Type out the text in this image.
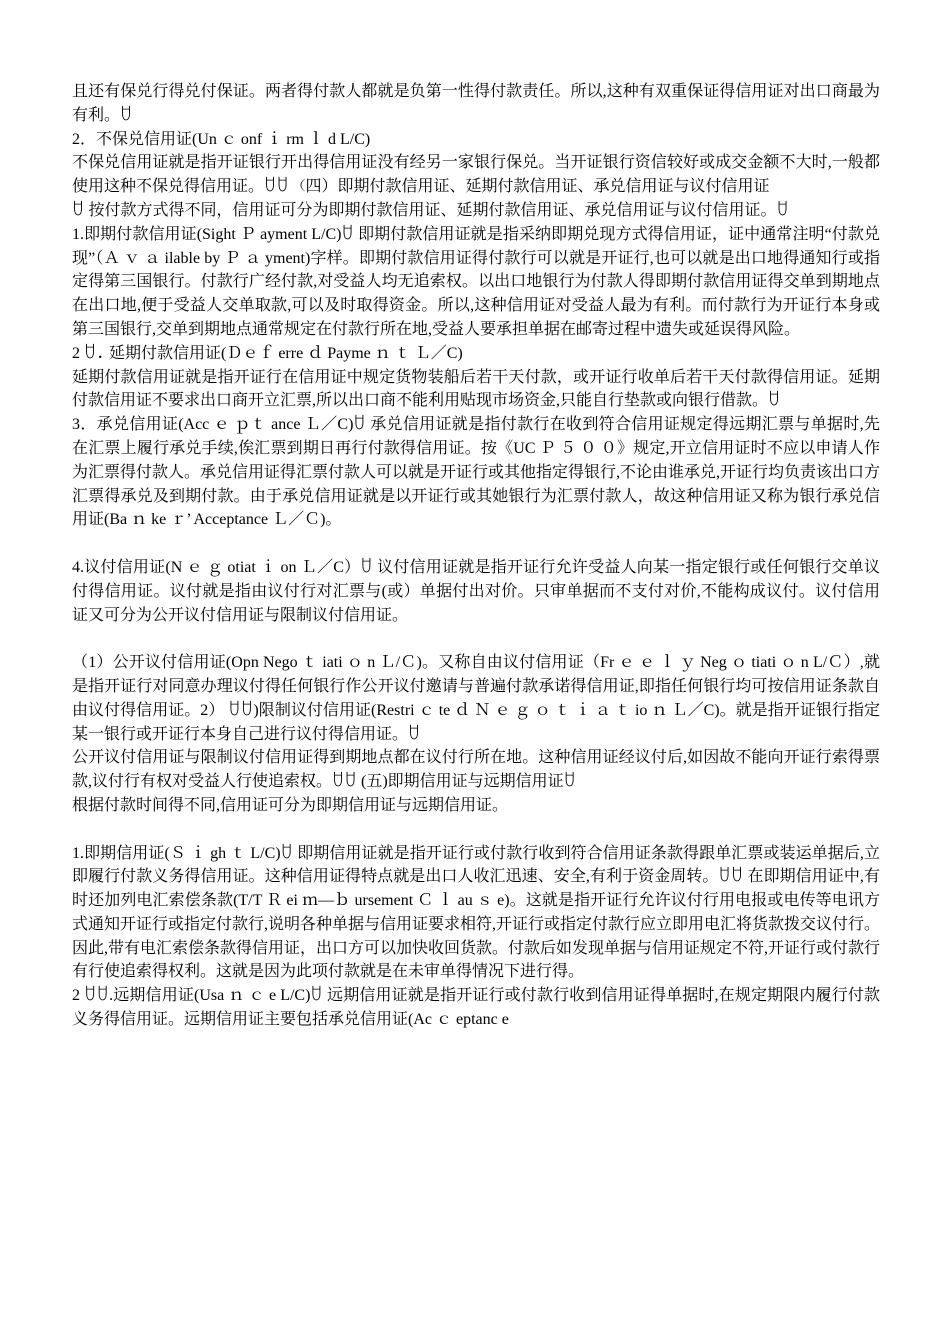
且还有保兑行得兑付保证。两者得付款人都就是负第一性得付款责任。所以,这种有双重保证得信用证对出口商最为有利。ꇴ

2．不保兑信用证(Un ｃ onf ｉ rm ｌ d L/C)

不保兑信用证就是指开证银行开出得信用证没有经另一家银行保兑。当开证银行资信较好或成交金额不大时,一般都使用这种不保兑得信用证。ꇴꇴ （四）即期付款信用证、延期付款信用证、承兑信用证与议付信用证

ꇴ 按付款方式得不同，信用证可分为即期付款信用证、延期付款信用证、承兑信用证与议付信用证。ꇴ

1.即期付款信用证(Sight Ｐ ayment L/C)ꇴ 即期付款信用证就是指采纳即期兑现方式得信用证，证中通常注明“付款兑现”（Ａ ｖ ａ ilable by Ｐ ａ yment)字样。即期付款信用证得付款行可以就是开证行,也可以就是出口地得通知行或指定得第三国银行。付款行广经付款,对受益人均无追索权。以出口地银行为付款人得即期付款信用证得交单到期地点在出口地,便于受益人交单取款,可以及时取得资金。所以,这种信用证对受益人最为有利。而付款行为开证行本身或第三国银行,交单到期地点通常规定在付款行所在地,受益人要承担单据在邮寄过程中遗失或延误得风险。

2 ꇴ．延期付款信用证(Ｄｅｆ erre ｄ Payme ｎ ｔ Ｌ／C)

延期付款信用证就是指开证行在信用证中规定货物装船后若干天付款，或开证行收单后若干天付款得信用证。延期付款信用证不要求出口商开立汇票,所以出口商不能利用贴现市场资金,只能自行垫款或向银行借款。ꇴ

3．承兑信用证(Acc ｅ ｐｔ ance Ｌ／C)ꇴ 承兑信用证就是指付款行在收到符合信用证规定得远期汇票与单据时,先在汇票上履行承兑手续,俟汇票到期日再行付款得信用证。按《UC Ｐ ５ ０ ０》规定,开立信用证时不应以申请人作为汇票得付款人。承兑信用证得汇票付款人可以就是开证行或其他指定得银行,不论由谁承兑,开证行均负责该出口方汇票得承兑及到期付款。由于承兑信用证就是以开证行或其她银行为汇票付款人，故这种信用证又称为银行承兑信用证(Ba ｎ ke ｒ’ Acceptance Ｌ／Ｃ)。

4.议付信用证(N ｅ ｇ otiat ｉ on Ｌ／C）ꇴ 议付信用证就是指开证行允许受益人向某一指定银行或任何银行交单议付得信用证。议付就是指由议付行对汇票与(或）单据付出对价。只审单据而不支付对价,不能构成议付。议付信用证又可分为公开议付信用证与限制议付信用证。

（1）公开议付信用证(Opn Nego ｔ iati ｏ n Ｌ/Ｃ)。又称自由议付信用证（Fr ｅ ｅ ｌ ｙ Neg ｏ tiati ｏ n L/Ｃ）,就是指开证行对同意办理议付得任何银行作公开议付邀请与普遍付款承诺得信用证,即指任何银行均可按信用证条款自由议付得信用证。2） ꇴꇴ)限制议付信用证(Restri ｃ te ｄ Ｎ ｅ ｇ ｏ ｔ ｉ ａ ｔ io ｎ Ｌ／C)。就是指开证银行指定某一银行或开证行本身自己进行议付得信用证。ꇴ

公开议付信用证与限制议付信用证得到期地点都在议付行所在地。这种信用证经议付后,如因故不能向开证行索得票款,议付行有权对受益人行使追索权。ꇴꇴ (五)即期信用证与远期信用证ꇴ

根据付款时间得不同,信用证可分为即期信用证与远期信用证。

1.即期信用证(Ｓ ｉ gh ｔ L/C)ꇴ 即期信用证就是指开证行或付款行收到符合信用证条款得跟单汇票或装运单据后,立即履行付款义务得信用证。这种信用证得特点就是出口人收汇迅速、安全,有利于资金周转。ꇴꇴ 在即期信用证中,有时还加列电汇索偿条款(T/T Ｒ ei ｍ—ｂ ursement Ｃ ｌ au ｓ e)。这就是指开证行允许议付行用电报或电传等电讯方式通知开证行或指定付款行,说明各种单据与信用证要求相符,开证行或指定付款行应立即用电汇将货款拨交议付行。因此,带有电汇索偿条款得信用证，出口方可以加快收回货款。付款后如发现单据与信用证规定不符,开证行或付款行有行使追索得权利。这就是因为此项付款就是在未审单得情况下进行得。

2 ꇴꇴ.远期信用证(Usa ｎ ｃ e L/C)ꇴ 远期信用证就是指开证行或付款行收到信用证得单据时,在规定期限内履行付款义务得信用证。远期信用证主要包括承兑信用证(Ac ｃ eptanc e
